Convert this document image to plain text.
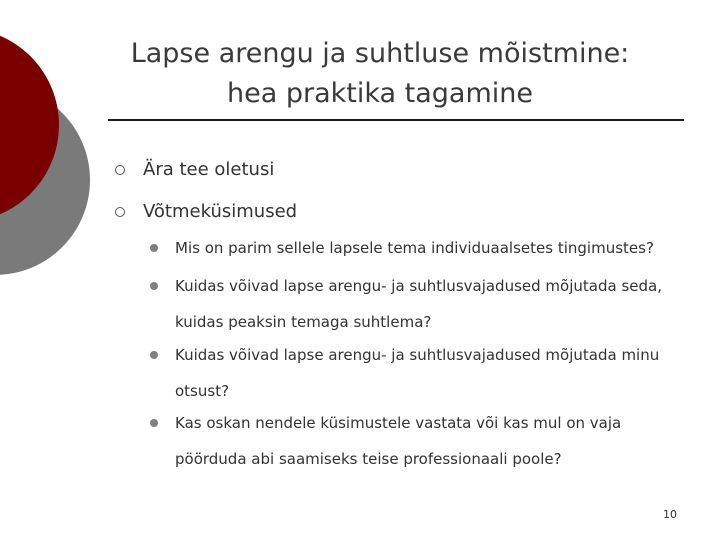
Lapse arengu ja suhtluse mõistmine:
hea praktika tagamine
Ära tee oletusi
Võtmeküsimused
Mis on parim sellele lapsele tema individuaalsetes tingimustes?
Kuidas võivad lapse arengu- ja suhtlusvajadused mõjutada seda,
kuidas peaksin temaga suhtlema?
Kuidas võivad lapse arengu- ja suhtlusvajadused mõjutada minu
otsust?
Kas oskan nendele küsimustele vastata või kas mul on vaja
pöörduda abi saamiseks teise professionaali poole?
10
